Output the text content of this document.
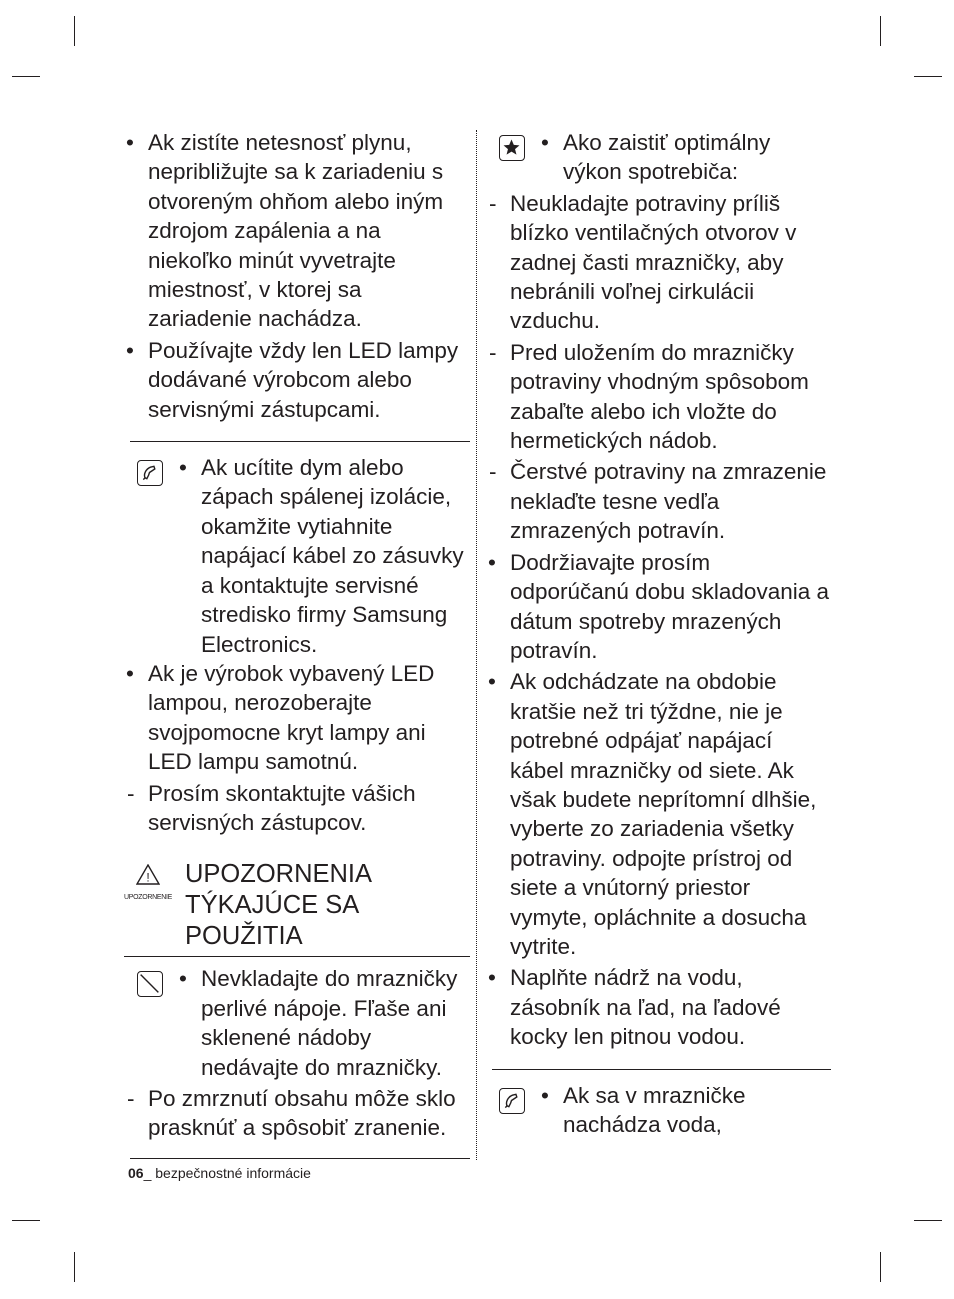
• Ak zistíte netesnosť plynu, nepribližujte sa k zariadeniu s otvoreným ohňom alebo iným zdrojom zapálenia a na niekoľko minút vyvetrajte miestnosť, v ktorej sa zariadenie nachádza.
• Používajte vždy len LED lampy dodávané výrobcom alebo servisnými zástupcami.
• Ak ucítite dym alebo zápach spálenej izolácie, okamžite vytiahnite napájací kábel zo zásuvky a kontaktujte servisné stredisko firmy Samsung Electronics.
• Ak je výrobok vybavený LED lampou, nerozoberajte svojpomocne kryt lampy ani LED lampu samotnú.
- Prosím skontaktujte vášich servisných zástupcov.
!
UPOZORNENIE
UPOZORNENIA
TÝKAJÚCE SA
POUŽITIA
• Nevkladajte do mrazničky perlivé nápoje. Fľaše ani sklenené nádoby nedávajte do mrazničky.
- Po zmrznutí obsahu môže sklo prasknúť a spôsobiť zranenie.
• Ako zaistiť optimálny výkon spotrebiča:
- Neukladajte potraviny príliš blízko ventilačných otvorov v zadnej časti mrazničky, aby nebránili voľnej cirkulácii vzduchu.
- Pred uložením do mrazničky potraviny vhodným spôsobom zabaľte alebo ich vložte do hermetických nádob.
- Čerstvé potraviny na zmrazenie neklaďte tesne vedľa zmrazených potravín.
• Dodržiavajte prosím odporúčanú dobu skladovania a dátum spotreby mrazených potravín.
• Ak odchádzate na obdobie kratšie než tri týždne, nie je potrebné odpájať napájací kábel mrazničky od siete. Ak však budete neprítomní dlhšie, vyberte zo zariadenia všetky potraviny. odpojte prístroj od siete a vnútorný priestor vymyte, opláchnite a dosucha vytrite.
• Naplňte nádrž na vodu, zásobník na ľad, na ľadové kocky len pitnou vodou.
• Ak sa v mrazničke nachádza voda,
06_ bezpečnostné informácie
